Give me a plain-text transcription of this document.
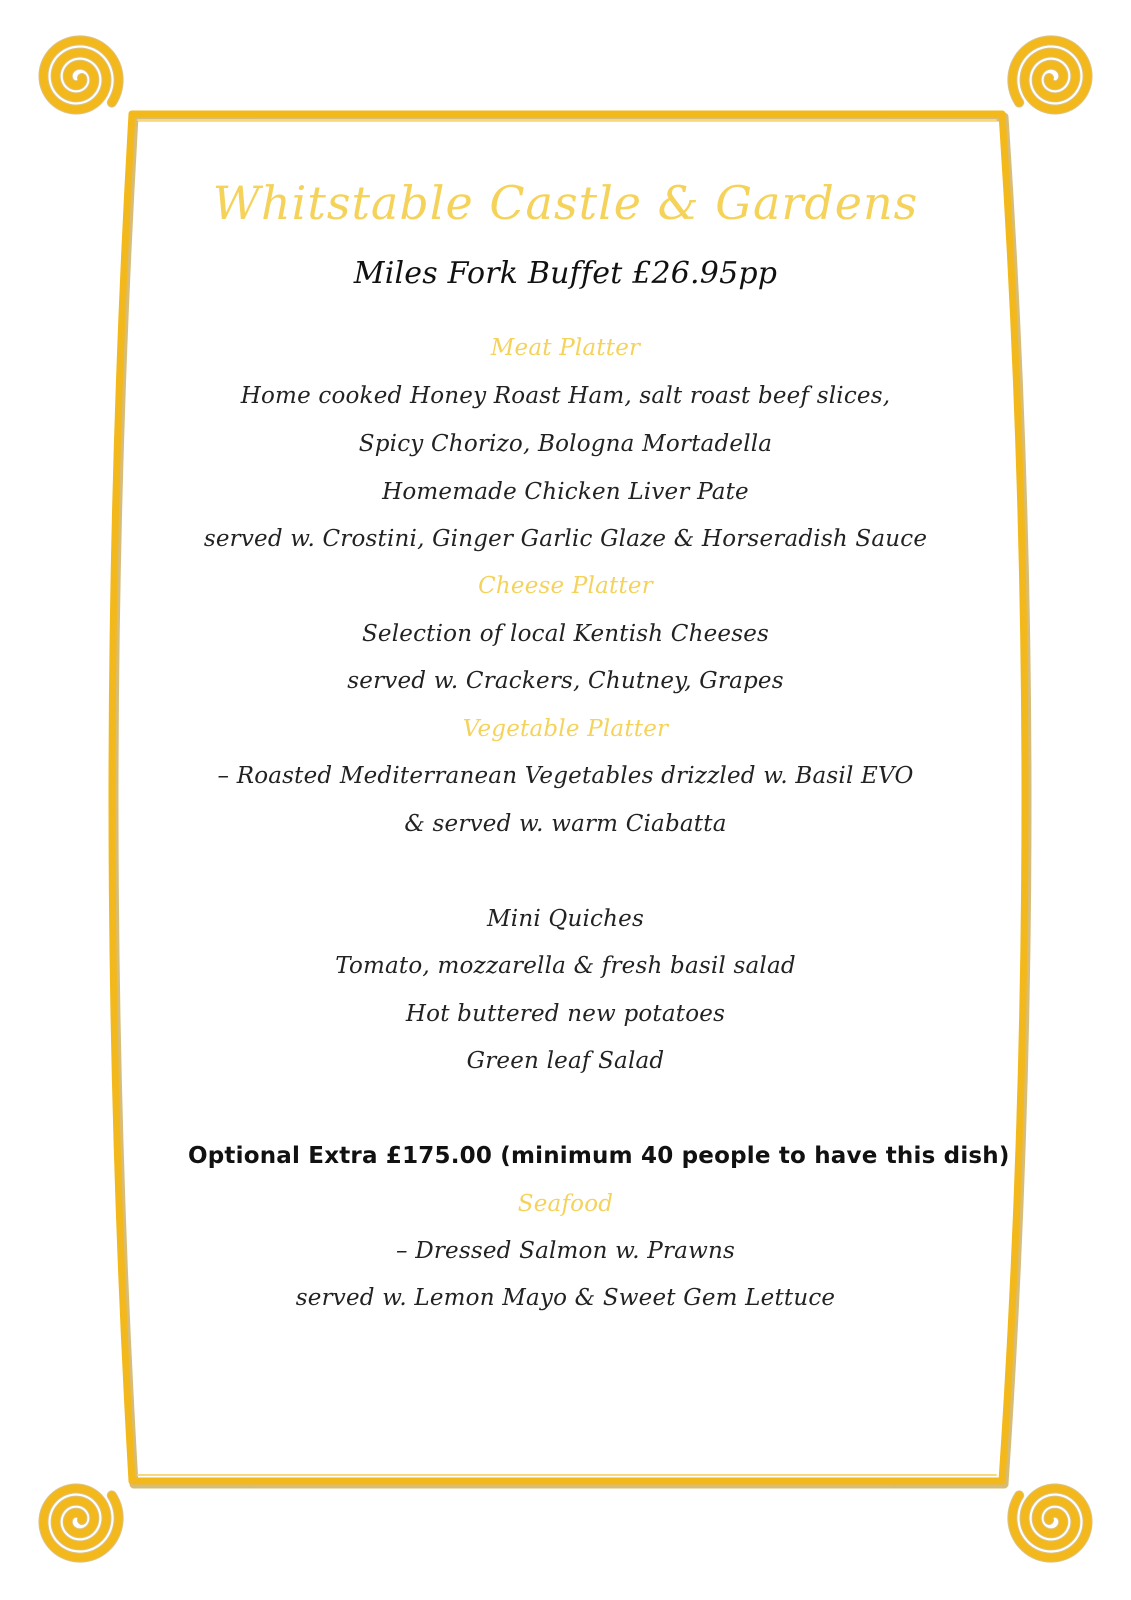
Whitstable Castle & Gardens
Miles Fork Buffet £26.95pp
Meat Platter
Home cooked Honey Roast Ham, salt roast beef slices,
Spicy Chorizo, Bologna Mortadella
Homemade Chicken Liver Pate
served w. Crostini, Ginger Garlic Glaze & Horseradish Sauce
Cheese Platter
Selection of local Kentish Cheeses
served w. Crackers, Chutney, Grapes
Vegetable Platter
– Roasted Mediterranean Vegetables drizzled w. Basil EVO
& served w. warm Ciabatta
Mini Quiches
Tomato, mozzarella & fresh basil salad
Hot buttered new potatoes
Green leaf Salad
Optional Extra £175.00 (minimum 40 people to have this dish)
Seafood
– Dressed Salmon w. Prawns
served w. Lemon Mayo & Sweet Gem Lettuce
